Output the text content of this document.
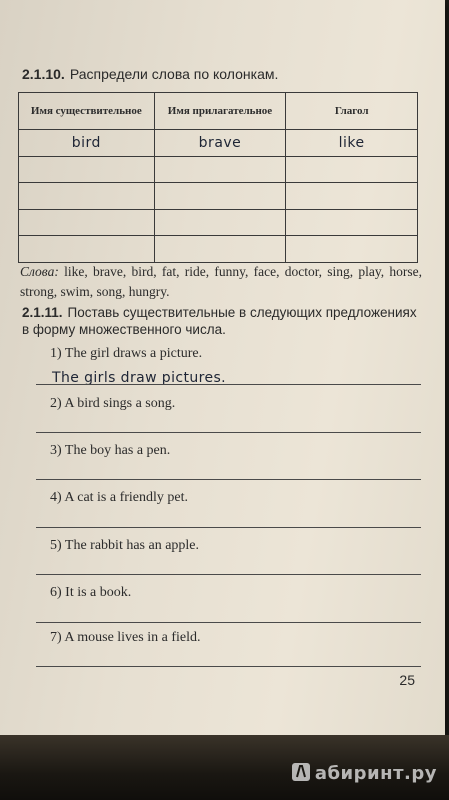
2.1.10. Распредели слова по колонкам.
Имя существительное	Имя прилагательное	Глагол
bird	brave	like

Слова: like, brave, bird, fat, ride, funny, face, doctor, sing, play, horse, strong, swim, song, hungry.
2.1.11. Поставь существительные в следующих предложениях в форму множественного числа.
1) The girl draws a picture.
The girls draw pictures.
2) A bird sings a song.
3) The boy has a pen.
4) A cat is a friendly pet.
5) The rabbit has an apple.
6) It is a book.
7) A mouse lives in a field.
25
абиринт.ру
